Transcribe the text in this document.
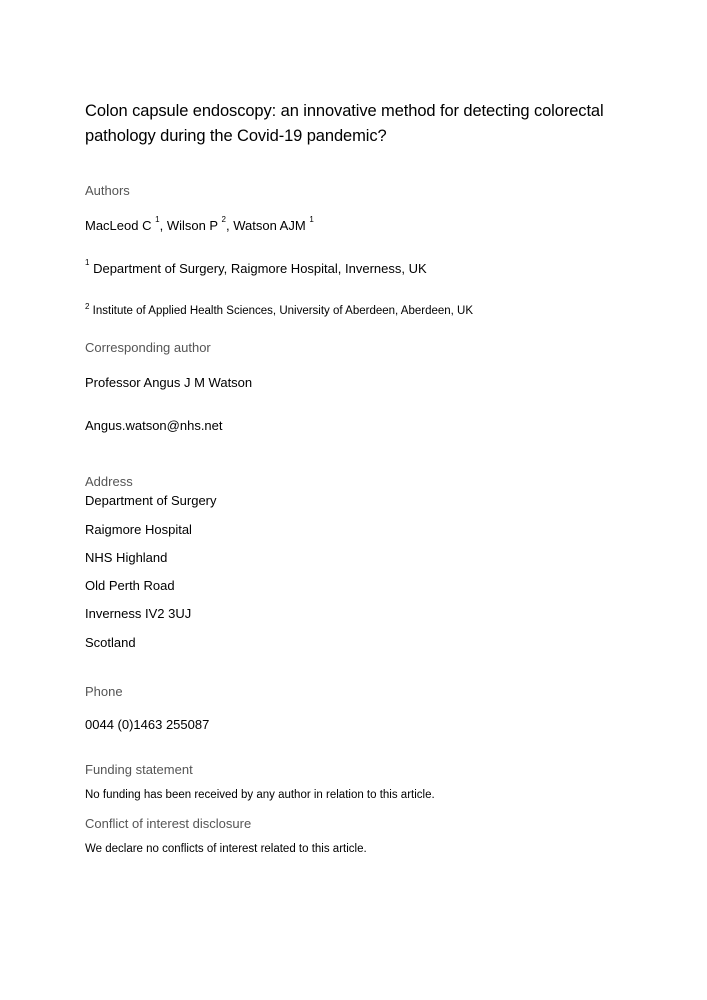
Colon capsule endoscopy: an innovative method for detecting colorectal
pathology during the Covid-19 pandemic?
Authors
MacLeod C $^1$, Wilson P $^2$, Watson AJM $^1$
$^1$ Department of Surgery, Raigmore Hospital, Inverness, UK
$^2$ Institute of Applied Health Sciences, University of Aberdeen, Aberdeen, UK
Corresponding author
Professor Angus J M Watson
Angus.watson@nhs.net
Address
Department of Surgery
Raigmore Hospital
NHS Highland
Old Perth Road
Inverness IV2 3UJ
Scotland
Phone
0044 (0)1463 255087
Funding statement
No funding has been received by any author in relation to this article.
Conflict of interest disclosure
We declare no conflicts of interest related to this article.
